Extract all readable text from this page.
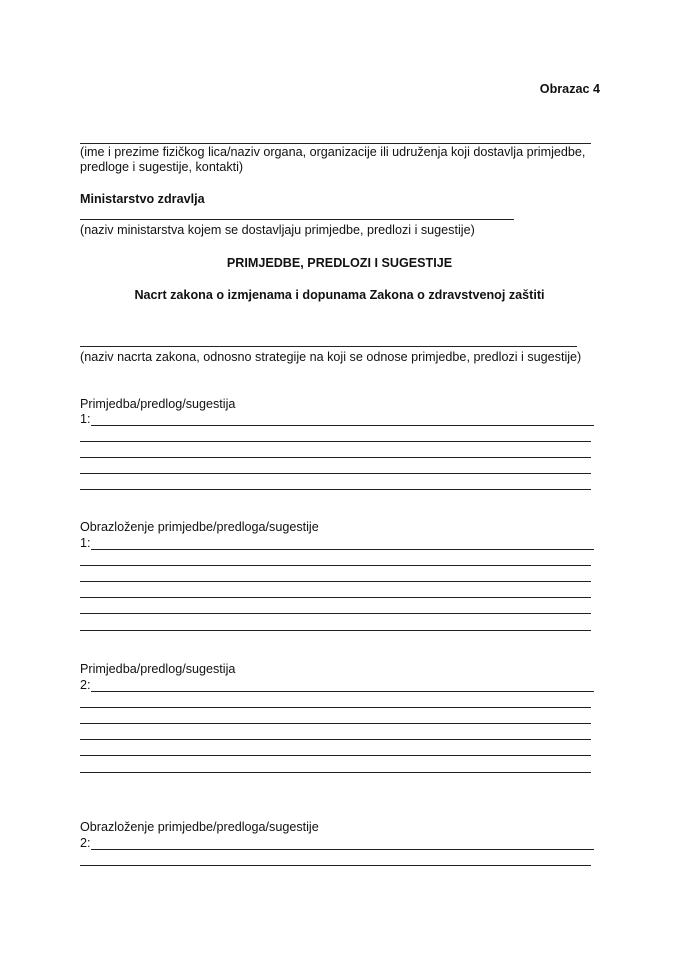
Obrazac 4
(ime i prezime fizičkog lica/naziv organa, organizacije ili udruženja koji dostavlja primjedbe, predloge i sugestije, kontakti)
Ministarstvo zdravlja
(naziv ministarstva kojem se dostavljaju primjedbe, predlozi i sugestije)
PRIMJEDBE, PREDLOZI I SUGESTIJE
Nacrt zakona o izmjenama i dopunama Zakona o zdravstvenoj zaštiti
(naziv nacrta zakona, odnosno strategije na koji se odnose primjedbe, predlozi i sugestije)
Primjedba/predlog/sugestija
1:
Obrazloženje primjedbe/predloga/sugestije
1:
Primjedba/predlog/sugestija
2:
Obrazloženje primjedbe/predloga/sugestije
2:
